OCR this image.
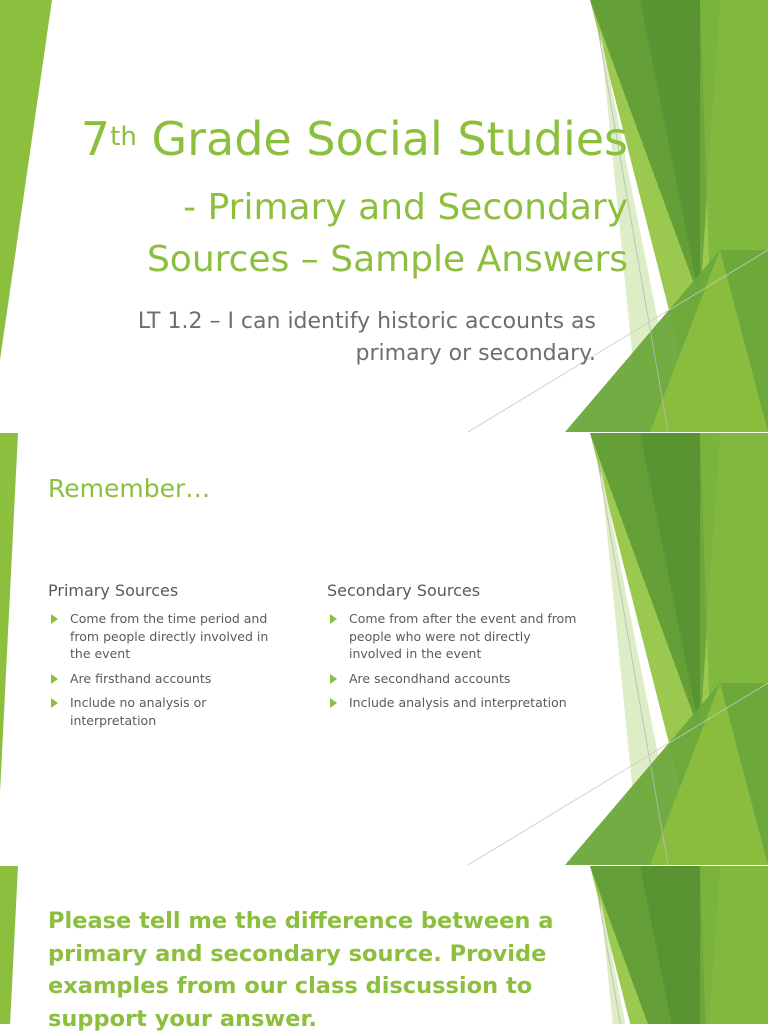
7th Grade Social Studies
- Primary and Secondary
Sources – Sample Answers
LT 1.2 – I can identify historic accounts as
primary or secondary.
Remember…
Primary Sources
Come from the time period and from people directly involved in the event
Are firsthand accounts
Include no analysis or interpretation
Secondary Sources
Come from after the event and from people who were not directly involved in the event
Are secondhand accounts
Include analysis and interpretation
Please tell me the difference between a primary and secondary source. Provide examples from our class discussion to support your answer.
